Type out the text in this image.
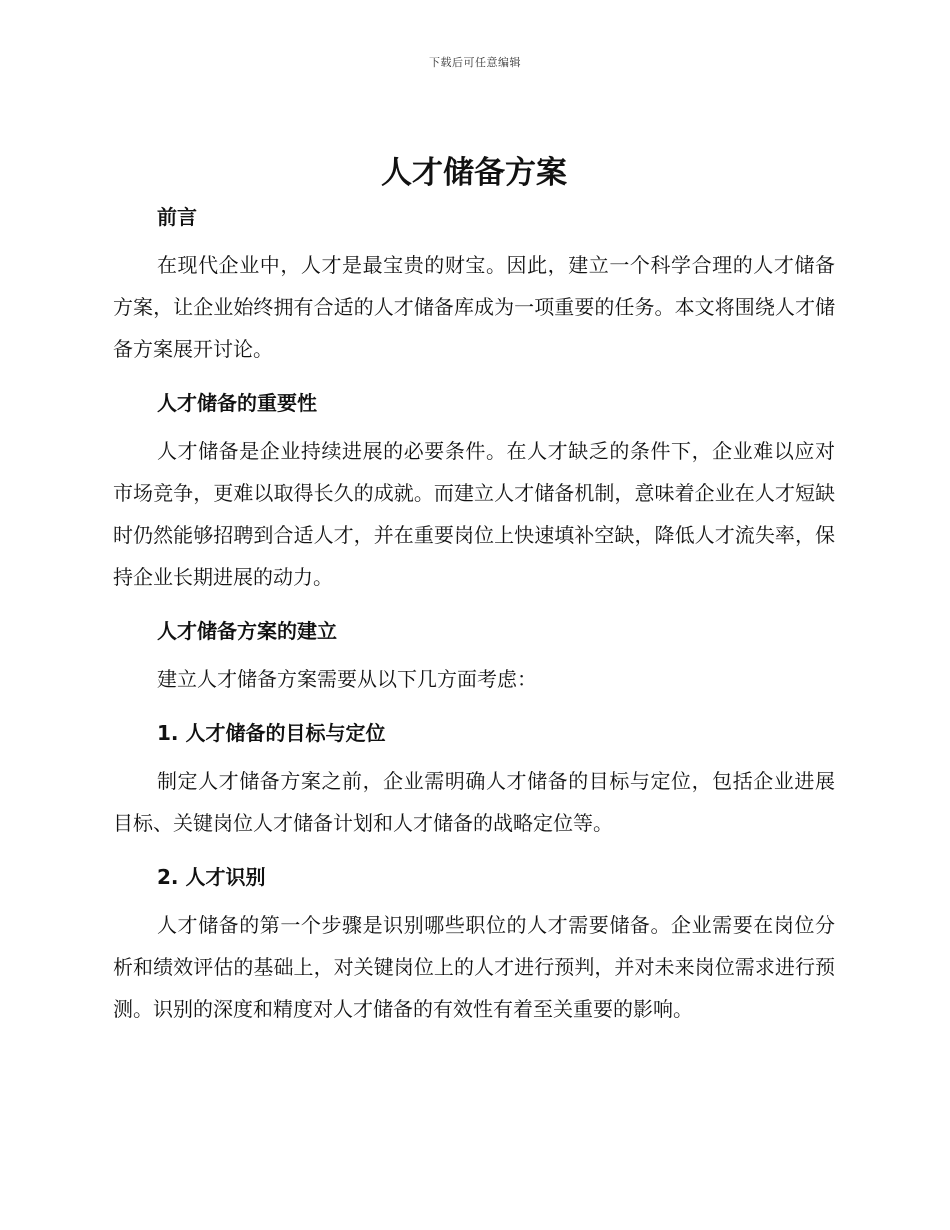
下载后可任意编辑
人才储备方案
前言

在现代企业中，人才是最宝贵的财宝。因此，建立一个科学合理的人才储备方案，让企业始终拥有合适的人才储备库成为一项重要的任务。本文将围绕人才储备方案展开讨论。

人才储备的重要性

人才储备是企业持续进展的必要条件。在人才缺乏的条件下，企业难以应对市场竞争，更难以取得长久的成就。而建立人才储备机制，意味着企业在人才短缺时仍然能够招聘到合适人才，并在重要岗位上快速填补空缺，降低人才流失率，保持企业长期进展的动力。

人才储备方案的建立

建立人才储备方案需要从以下几方面考虑：

1. 人才储备的目标与定位

制定人才储备方案之前，企业需明确人才储备的目标与定位，包括企业进展目标、关键岗位人才储备计划和人才储备的战略定位等。

2. 人才识别

人才储备的第一个步骤是识别哪些职位的人才需要储备。企业需要在岗位分析和绩效评估的基础上，对关键岗位上的人才进行预判，并对未来岗位需求进行预测。识别的深度和精度对人才储备的有效性有着至关重要的影响。
